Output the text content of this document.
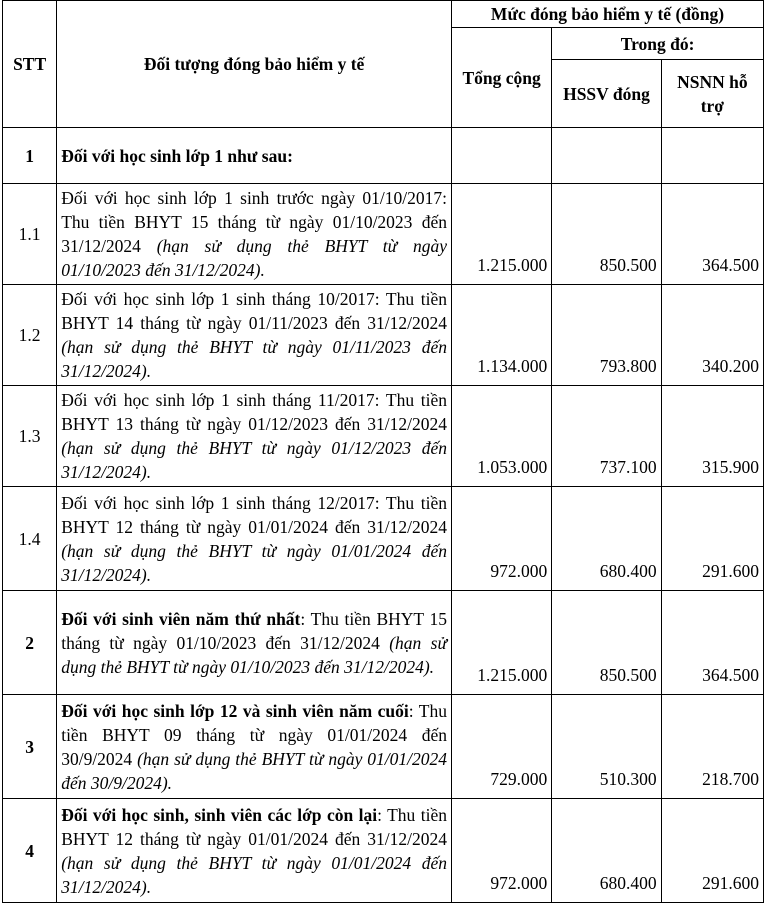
STT	Đối tượng đóng bảo hiểm y tế	Mức đóng bảo hiểm y tế (đồng)		
		Tổng cộng	Trong đó:	
			HSSV đóng	NSNN hỗ trợ
1	Đối với học sinh lớp 1 như sau:			
1.1	Đối với học sinh lớp 1 sinh trước ngày 01/10/2017: Thu tiền BHYT 15 tháng từ ngày 01/10/2023 đến 31/12/2024 (hạn sử dụng thẻ BHYT từ ngày 01/10/2023 đến 31/12/2024).	1.215.000	850.500	364.500
1.2	Đối với học sinh lớp 1 sinh tháng 10/2017: Thu tiền BHYT 14 tháng từ ngày 01/11/2023 đến 31/12/2024 (hạn sử dụng thẻ BHYT từ ngày 01/11/2023 đến 31/12/2024).	1.134.000	793.800	340.200
1.3	Đối với học sinh lớp 1 sinh tháng 11/2017: Thu tiền BHYT 13 tháng từ ngày 01/12/2023 đến 31/12/2024 (hạn sử dụng thẻ BHYT từ ngày 01/12/2023 đến 31/12/2024).	1.053.000	737.100	315.900
1.4	Đối với học sinh lớp 1 sinh tháng 12/2017: Thu tiền BHYT 12 tháng từ ngày 01/01/2024 đến 31/12/2024 (hạn sử dụng thẻ BHYT từ ngày 01/01/2024 đến 31/12/2024).	972.000	680.400	291.600
2	Đối với sinh viên năm thứ nhất: Thu tiền BHYT 15 tháng từ ngày 01/10/2023 đến 31/12/2024 (hạn sử dụng thẻ BHYT từ ngày 01/10/2023 đến 31/12/2024).	1.215.000	850.500	364.500
3	Đối với học sinh lớp 12 và sinh viên năm cuối: Thu tiền BHYT 09 tháng từ ngày 01/01/2024 đến 30/9/2024 (hạn sử dụng thẻ BHYT từ ngày 01/01/2024 đến 30/9/2024).	729.000	510.300	218.700
4	Đối với học sinh, sinh viên các lớp còn lại: Thu tiền BHYT 12 tháng từ ngày 01/01/2024 đến 31/12/2024 (hạn sử dụng thẻ BHYT từ ngày 01/01/2024 đến 31/12/2024).	972.000	680.400	291.600
